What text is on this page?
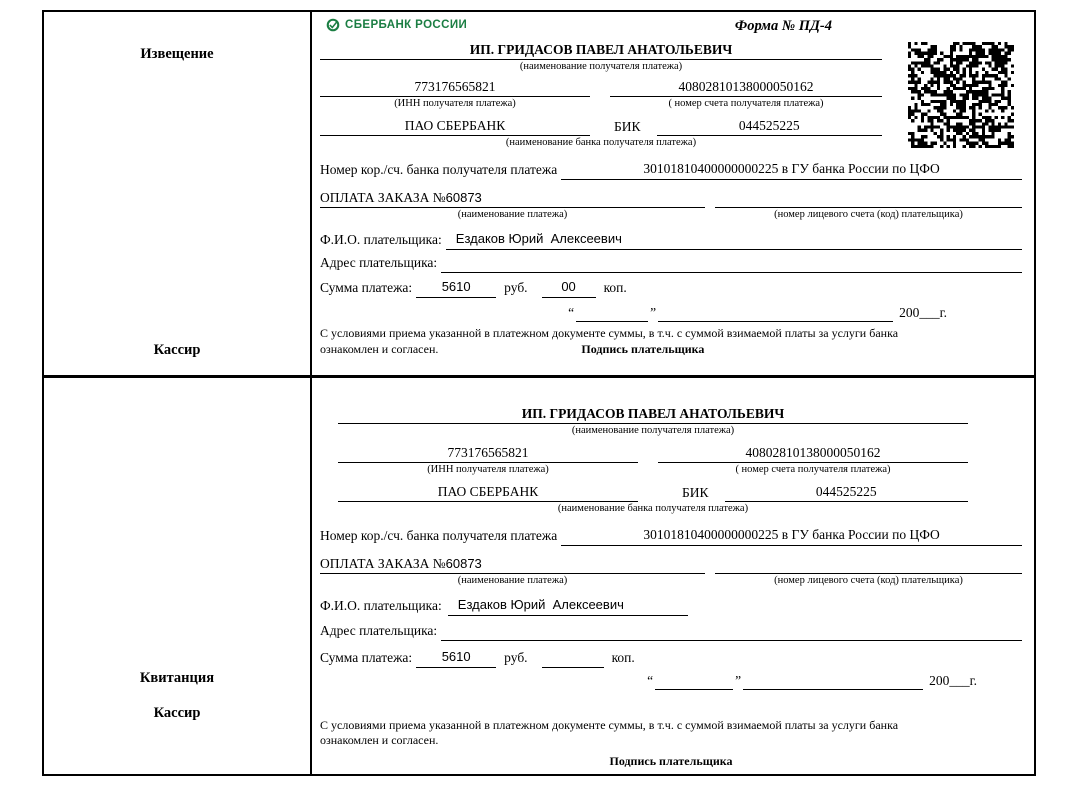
Извещение
Кассир
СБЕРБАНК РОССИИ	Форма № ПД-4
ИП. ГРИДАСОВ ПАВЕЛ АНАТОЛЬЕВИЧ
(наименование получателя платежа)
773176565821
(ИНН получателя платежа)
40802810138000050162
( номер счета получателя платежа)
ПАО СБЕРБАНК	БИК	044525225
(наименование банка получателя платежа)
Номер кор./сч. банка получателя платежа	30101810400000000225 в ГУ банка России по ЦФО
ОПЛАТА ЗАКАЗА №60873
(наименование платежа)	(номер лицевого счета (код) плательщика)
Ф.И.О. плательщика:	Ездаков Юрий  Алексеевич
Адрес плательщика:
Сумма платежа:	5610	руб.	00	коп.
“	”	200___г.
С условиями приема указанной в платежном документе суммы, в т.ч. с суммой взимаемой платы за услуги банка
ознакомлен и согласен.	Подпись плательщика
Квитанция
Кассир
ИП. ГРИДАСОВ ПАВЕЛ АНАТОЛЬЕВИЧ
(наименование получателя платежа)
773176565821
(ИНН получателя платежа)
40802810138000050162
( номер счета получателя платежа)
ПАО СБЕРБАНК	БИК	044525225
(наименование банка получателя платежа)
Номер кор./сч. банка получателя платежа	30101810400000000225 в ГУ банка России по ЦФО
ОПЛАТА ЗАКАЗА №60873
(наименование платежа)	(номер лицевого счета (код) плательщика)
Ф.И.О. плательщика:	Ездаков Юрий  Алексеевич
Адрес плательщика:
Сумма платежа:	5610	руб.	коп.
“	”	200___г.
С условиями приема указанной в платежном документе суммы, в т.ч. с суммой взимаемой платы за услуги банка
ознакомлен и согласен.
Подпись плательщика
